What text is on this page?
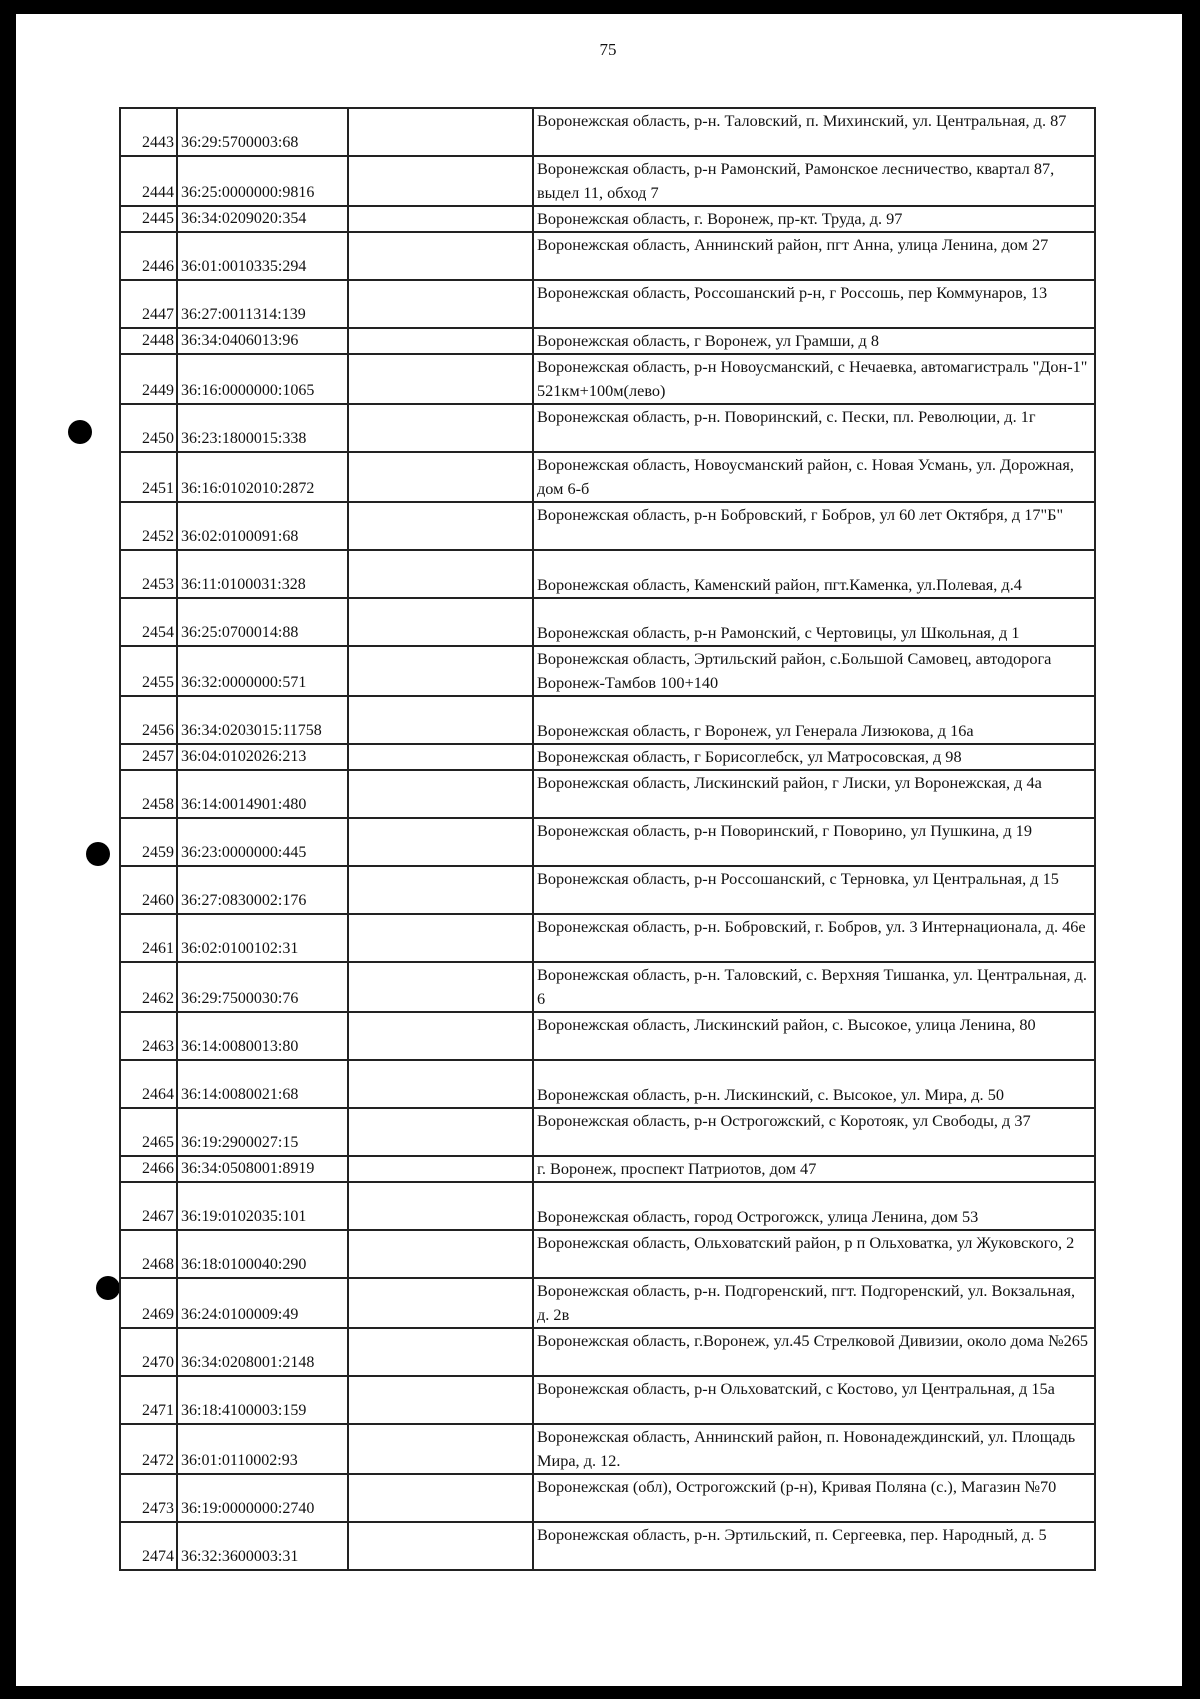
75
2443	36:29:5700003:68		Воронежская область, р-н. Таловский, п. Михинский, ул. Центральная, д. 87
2444	36:25:0000000:9816		Воронежская область, р-н Рамонский, Рамонское лесничество, квартал 87, выдел 11, обход 7
2445	36:34:0209020:354		Воронежская область, г. Воронеж, пр-кт. Труда, д. 97
2446	36:01:0010335:294		Воронежская область, Аннинский район, пгт Анна, улица Ленина, дом 27
2447	36:27:0011314:139		Воронежская область, Россошанский р-н, г Россошь, пер Коммунаров, 13
2448	36:34:0406013:96		Воронежская область, г Воронеж, ул Грамши, д 8
2449	36:16:0000000:1065		Воронежская область, р-н Новоусманский, с Нечаевка, автомагистраль "Дон-1" 521км+100м(лево)
2450	36:23:1800015:338		Воронежская область, р-н. Поворинский, с. Пески, пл. Революции, д. 1г
2451	36:16:0102010:2872		Воронежская область, Новоусманский район, с. Новая Усмань, ул. Дорожная, дом 6-б
2452	36:02:0100091:68		Воронежская область, р-н Бобровский, г Бобров, ул 60 лет Октября, д 17"Б"
2453	36:11:0100031:328		Воронежская область, Каменский район, пгт.Каменка, ул.Полевая, д.4
2454	36:25:0700014:88		Воронежская область, р-н Рамонский, с Чертовицы, ул Школьная, д 1
2455	36:32:0000000:571		Воронежская область, Эртильский район, с.Большой Самовец, автодорога Воронеж-Тамбов 100+140
2456	36:34:0203015:11758		Воронежская область, г Воронеж, ул Генерала Лизюкова, д 16а
2457	36:04:0102026:213		Воронежская область, г Борисоглебск, ул Матросовская, д 98
2458	36:14:0014901:480		Воронежская область, Лискинский район, г Лиски, ул Воронежская, д 4а
2459	36:23:0000000:445		Воронежская область, р-н Поворинский, г Поворино, ул Пушкина, д 19
2460	36:27:0830002:176		Воронежская область, р-н Россошанский, с Терновка, ул Центральная, д 15
2461	36:02:0100102:31		Воронежская область, р-н. Бобровский, г. Бобров, ул. 3 Интернационала, д. 46е
2462	36:29:7500030:76		Воронежская область, р-н. Таловский, с. Верхняя Тишанка, ул. Центральная, д. 6
2463	36:14:0080013:80		Воронежская область, Лискинский район, с. Высокое, улица Ленина, 80
2464	36:14:0080021:68		Воронежская область, р-н. Лискинский, с. Высокое, ул. Мира, д. 50
2465	36:19:2900027:15		Воронежская область, р-н Острогожский, с Коротояк, ул Свободы, д 37
2466	36:34:0508001:8919		г. Воронеж, проспект Патриотов, дом 47
2467	36:19:0102035:101		Воронежская область, город Острогожск, улица Ленина, дом 53
2468	36:18:0100040:290		Воронежская область, Ольховатский район, р п Ольховатка, ул Жуковского, 2
2469	36:24:0100009:49		Воронежская область, р-н. Подгоренский, пгт. Подгоренский, ул. Вокзальная, д. 2в
2470	36:34:0208001:2148		Воронежская область, г.Воронеж, ул.45 Стрелковой Дивизии, около дома №265
2471	36:18:4100003:159		Воронежская область, р-н Ольховатский, с Костово, ул Центральная, д 15а
2472	36:01:0110002:93		Воронежская область, Аннинский район, п. Новонадеждинский, ул. Площадь Мира, д. 12.
2473	36:19:0000000:2740		Воронежская (обл), Острогожский (р-н), Кривая Поляна (с.), Магазин №70
2474	36:32:3600003:31		Воронежская область, р-н. Эртильский, п. Сергеевка, пер. Народный, д. 5
